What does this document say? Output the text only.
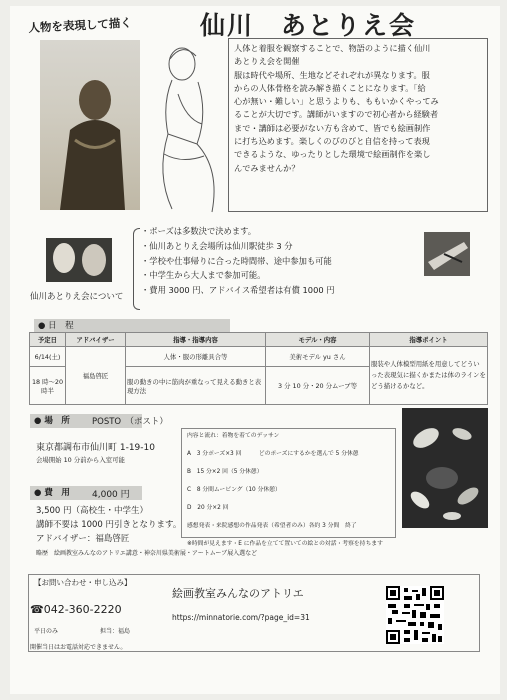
人物を表現して描く	仙川　あとりえ会
人体と着服を観察することで、物語のように描く仙川
あとりえ会を開催
服は時代や場所、生地などそれぞれが異なります。服
からの人体骨格を読み解き描くことになります。「給
心が無い・難しい」と思うよりも、ももいかくやってみ
ることが大切です。講師がいますので初心者から経験者
まで・講師は必要がない方も含めて、皆でも絵画制作
に打ち込めます。楽しくのびのびと自信を持って表現
できるような、ゆったりとした環境で絵画制作を楽し
んでみませんか？
・ポーズは多数決で決めます。
・仙川あとりえ会場所は仙川駅徒歩 3 分
・学校や仕事帰りに合った時間帯、途中参加も可能
・中学生から大人まで参加可能。
・費用 3000 円、アドバイス希望者は有償 1000 円
仙川あとりえ会について
● 日　程
予定日	アドバイザー	指導・指導内容	モデル・内容	指導ポイント
6/14(土)	福島啓匠	人体・服の形離具合等	美術モデル yu さん	服装や人体模型用紙を用意してどういった表現気に描くかまたは体のラインをどう描けるかなど。
18 時～20 時半		服の動きの中に筋肉が重なって見える動きと表現方法	3 分 10 分・20 分ムーブ等	
● 場　所	POSTO　（ポスト）
東京都調布市仙川町 1-19-10
会場開始 10 分前から入室可能
● 費　用	4,000 円
3,500 円（高校生・中学生）
講師不要は 1000 円引きとなります。
アドバイザー：福島啓匠
略歴　絵画教室みんなのアトリエ講意・神奈川県美術展・アートムーブ展入選など
内容と流れ：着物を着てのデッサン

A　3 分ポーズ×3 回　　　どのポーズにするかを選んで 5 分休憩

B　15 分×2 回（5 分休憩）

C　8 分間ムービング（10 分休憩）

D　20 分×2 回

感想発表・来院感想の作品発表（希望者のみ）各約 3 分間　終了

※時間が見えます・E に作品を立てて置いての絵との対話・考察を持ちます
【お問い合わせ・申し込み】
絵画教室みんなのアトリエ
☎042-360-2220
https://minnatorie.com/?page_id=31
平日のみ	担当：福島
開催当日はお電話対応できません。
